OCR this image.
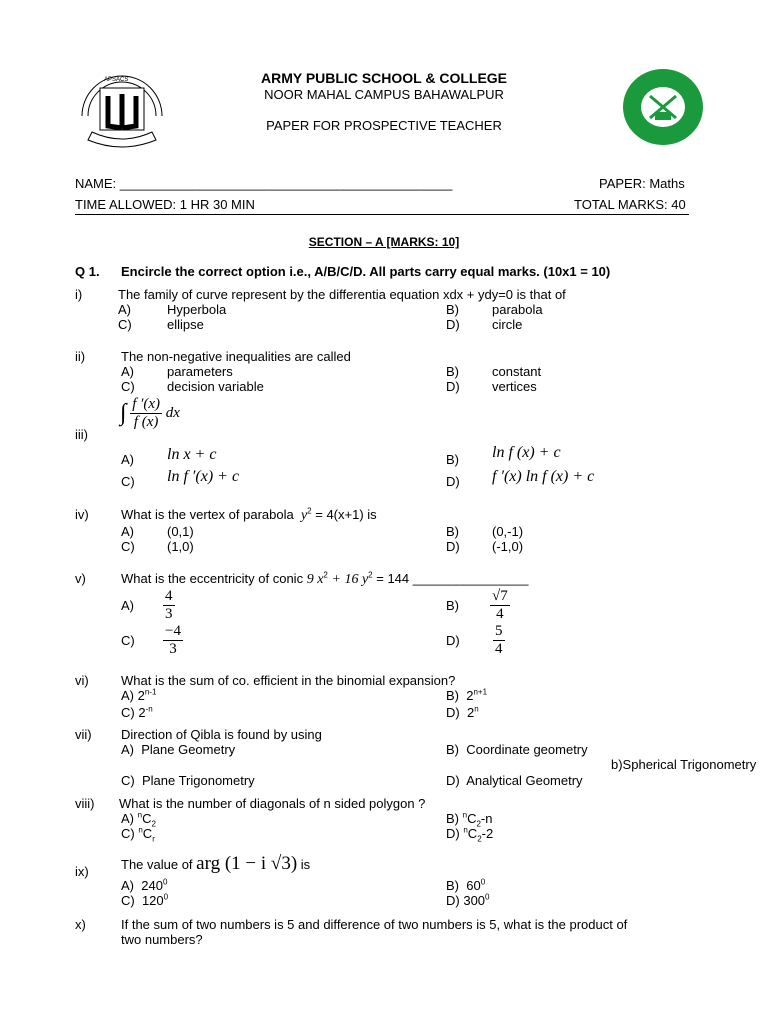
APSACS	ARMY PUBLIC SCHOOL & COLLEGE
NOOR MAHAL CAMPUS BAHAWALPUR
PAPER FOR PROSPECTIVE TEACHER
NAME: ______________________________________________	PAPER: Maths
TIME ALLOWED: 1 HR 30 MIN	TOTAL MARKS: 40
SECTION – A [MARKS: 10]
Q 1. Encircle the correct option i.e., A/B/C/D. All parts carry equal marks. (10x1 = 10)
i)	The family of curve represent by the differentia equation xdx + ydy=0 is that of
A)	Hyperbola	B)	parabola
C)	ellipse	D) circle
ii)	The non-negative inequalities are called
A)	parameters	B)	constant
C) decision variable	D) vertices
∫ $\frac{f '(x)}{f (x)}$ dx
iii)
A) ln x + c	B) ln f (x) + c
C) ln f ′(x) + c	D) f ′(x) ln f (x) + c
iv) What is the vertex of parabola $y^2 = 4(x+1)$ is
A)	(0,1)	B)	(0,-1)
C) (1,0)	D) (-1,0)
v)	What is the eccentricity of conic 9 $x^2 + 16$ $y^2 = 144$ ________________
$A) \frac{4}{3}$	$B) \frac{√7}{4}$
$C) \frac{-4}{3}$	$D) \frac{5}{4}$
vi) What is the sum of co. efficient in the binomial expansion?
A) 2$^{n-1}$	B) $2^{n+1}$
C) $2^{-n}$	D) 2$^n$
vii) Direction of Qibla is found by using
A) Plane Geometry	B) Coordinate geometry
b)Spherical Trigonometry
C) Plane Trigonometry	D) Analytical Geometry
viii) What is the number of diagonals of n sided polygon ?
A) $^nC_2$	B) $^nC_2-n$
C) $^nC_r$	D) $^nC_2-2$
ix) The value of arg (1 − i √3) is
A) $240^0$	B) $60^0$
C) $120^0$	D) $300^0$
x)	If the sum of two numbers is 5 and difference of two numbers is 5, what is the product of
two numbers?
